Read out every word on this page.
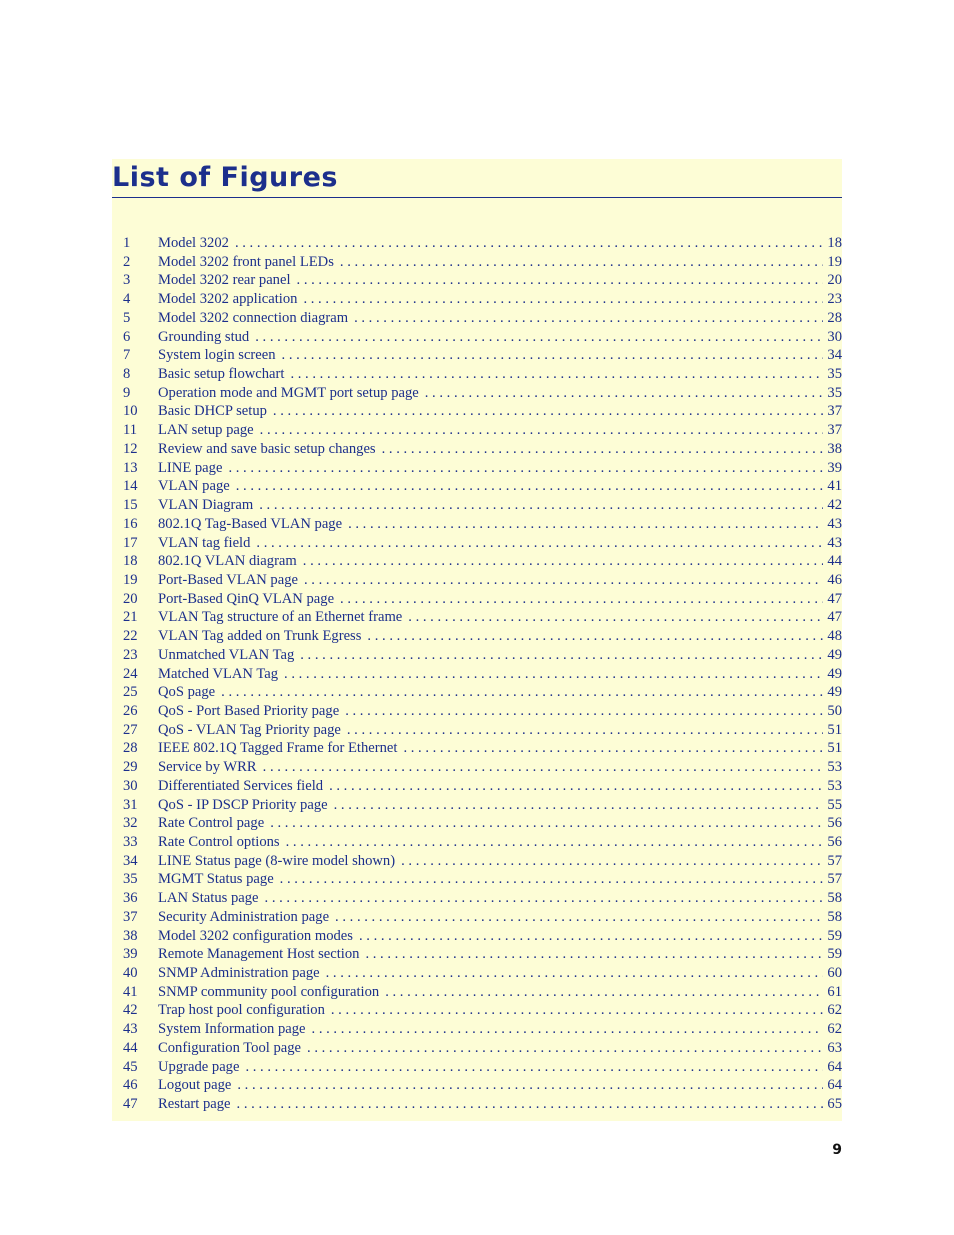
List of Figures
1 Model 3202 . . .	18
2 Model 3202 front panel LEDs . . .	19
3 Model 3202 rear panel . . .	20
4 Model 3202 application . . .	23
5 Model 3202 connection diagram . . .	28
6 Grounding stud . . .	30
7 System login screen . . .	34
8 Basic setup flowchart . . .	35
9 Operation mode and MGMT port setup page . . .	35
10 Basic DHCP setup . . .	37
11 LAN setup page . . .	37
12 Review and save basic setup changes . . .	38
13 LINE page . . .	39
14 VLAN page . . .	41
15 VLAN Diagram . . .	42
16 802.1Q Tag-Based VLAN page . . .	43
17 VLAN tag field . . .	43
18 802.1Q VLAN diagram . . .	44
19 Port-Based VLAN page . . .	46
20 Port-Based QinQ VLAN page . . .	47
21 VLAN Tag structure of an Ethernet frame . . .	47
22 VLAN Tag added on Trunk Egress . . .	48
23 Unmatched VLAN Tag . . .	49
24 Matched VLAN Tag . . .	49
25 QoS page . . .	49
26 QoS - Port Based Priority page . . .	50
27 QoS - VLAN Tag Priority page . . .	51
28 IEEE 802.1Q Tagged Frame for Ethernet . . .	51
29 Service by WRR . . .	53
30 Differentiated Services field . . .	53
31 QoS - IP DSCP Priority page . . .	55
32 Rate Control page . . .	56
33 Rate Control options . . .	56
34 LINE Status page (8-wire model shown) . . .	57
35 MGMT Status page . . .	57
36 LAN Status page . . .	58
37 Security Administration page . . .	58
38 Model 3202 configuration modes . . .	59
39 Remote Management Host section . . .	59
40 SNMP Administration page . . .	60
41 SNMP community pool configuration . . .	61
42 Trap host pool configuration . . .	62
43 System Information page . . .	62
44 Configuration Tool page . . .	63
45 Upgrade page . . .	64
46 Logout page . . .	64
47 Restart page . . .	65
9
